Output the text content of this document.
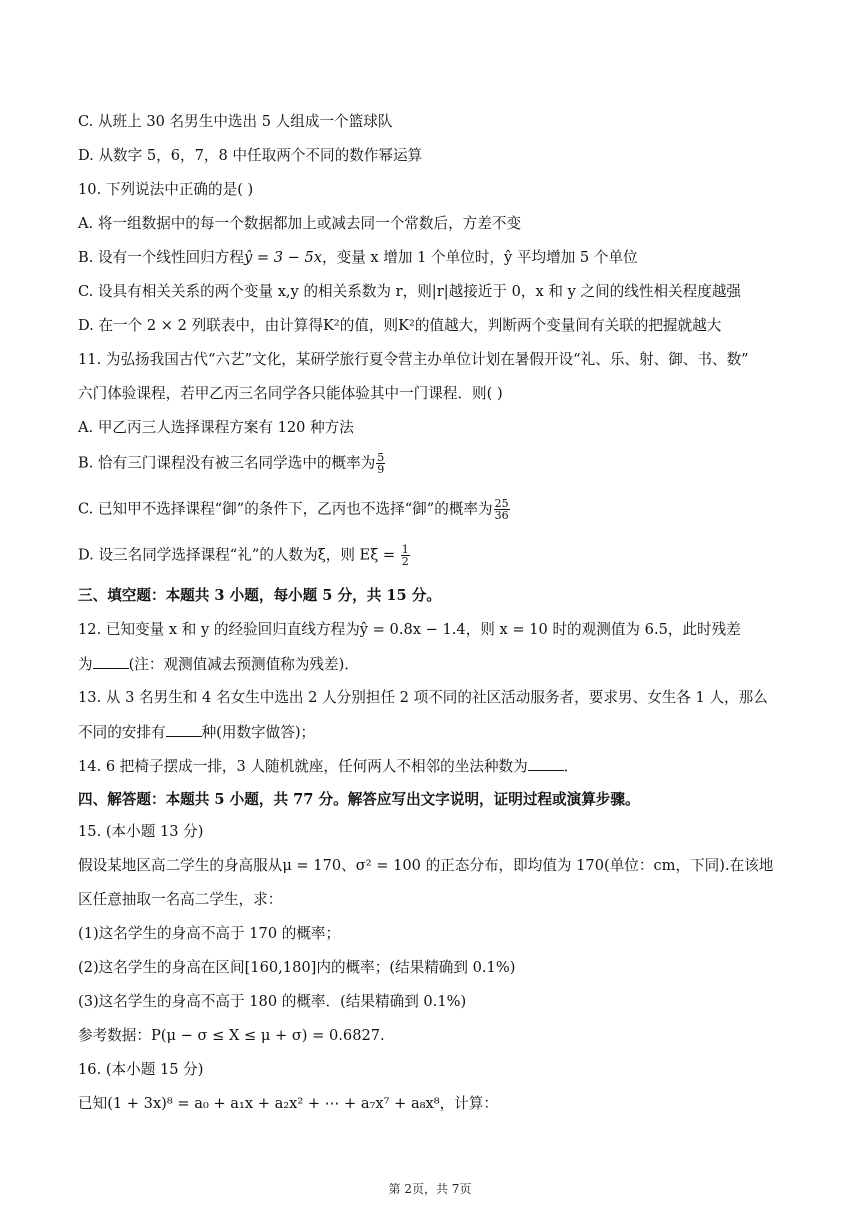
C. 从班上 30 名男生中选出 5 人组成一个篮球队
D. 从数字 5，6，7，8 中任取两个不同的数作幂运算
10. 下列说法中正确的是( )
A. 将一组数据中的每一个数据都加上或减去同一个常数后，方差不变
B. 设有一个线性回归方程ŷ = 3 − 5x，变量 x 增加 1 个单位时，ŷ 平均增加 5 个单位
C. 设具有相关关系的两个变量 x,y 的相关系数为 r，则|r|越接近于 0，x 和 y 之间的线性相关程度越强
D. 在一个 2 × 2 列联表中，由计算得K²的值，则K²的值越大，判断两个变量间有关联的把握就越大
11. 为弘扬我国古代“六艺”文化，某研学旅行夏令营主办单位计划在暑假开设“礼、乐、射、御、书、数”
六门体验课程，若甲乙丙三名同学各只能体验其中一门课程．则( )
A. 甲乙丙三人选择课程方案有 120 种方法
B. 恰有三门课程没有被三名同学选中的概率为 $\frac{5}{9}$
C. 已知甲不选择课程“御”的条件下，乙丙也不选择“御”的概率为 $\frac{25}{36}$
D. 设三名同学选择课程“礼”的人数为ξ，则 $E\xi = \frac{1}{2}$
三、填空题：本题共 3 小题，每小题 5 分，共 15 分。
12. 已知变量 x 和 y 的经验回归直线方程为ŷ = 0.8x − 1.4，则 x = 10 时的观测值为 6.5，此时残差
为 (注：观测值减去预测值称为残差)．
13. 从 3 名男生和 4 名女生中选出 2 人分别担任 2 项不同的社区活动服务者，要求男、女生各 1 人，那么
不同的安排有 种(用数字做答)；
14. 6 把椅子摆成一排，3 人随机就座，任何两人不相邻的坐法种数为 ．
四、解答题：本题共 5 小题，共 77 分。解答应写出文字说明，证明过程或演算步骤。
15. (本小题 13 分)
假设某地区高二学生的身高服从μ = 170、σ² = 100 的正态分布，即均值为 170(单位：cm，下同).在该地
区任意抽取一名高二学生，求：
(1)这名学生的身高不高于 170 的概率；
(2)这名学生的身高在区间[160,180]内的概率；(结果精确到 0.1%)
(3)这名学生的身高不高于 180 的概率．(结果精确到 0.1%)
参考数据：P(μ − σ ≤ X ≤ μ + σ) = 0.6827.
16. (本小题 15 分)
已知(1 + 3x)⁸ = a₀ + a₁x + a₂x² + ⋯ + a₇x⁷ + a₈x⁸，计算：
第 2页，共 7页
